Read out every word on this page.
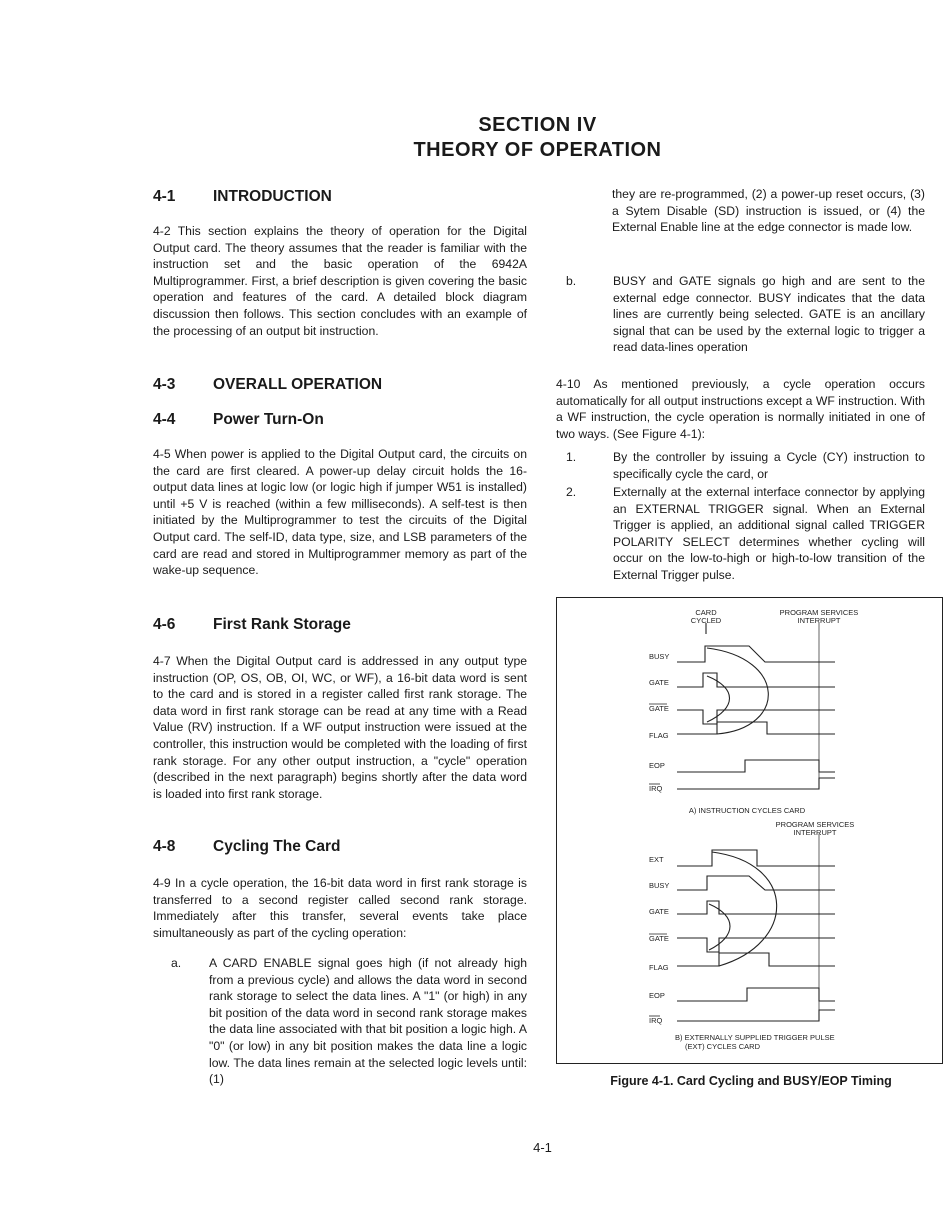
SECTION IV
THEORY OF OPERATION
4-1 INTRODUCTION

4-2 This section explains the theory of operation for the Digital Output card. The theory assumes that the reader is familiar with the instruction set and the basic operation of the 6942A Multiprogrammer. First, a brief description is given covering the basic operation and features of the card. A detailed block diagram discussion then follows. This section concludes with an example of the processing of an output bit instruction.

4-3 OVERALL OPERATION
4-4 Power Turn-On

4-5 When power is applied to the Digital Output card, the circuits on the card are first cleared. A power-up delay circuit holds the 16-output data lines at logic low (or logic high if jumper W51 is installed) until +5 V is reached (within a few milliseconds). A self-test is then initiated by the Multiprogrammer to test the circuits of the Digital Output card. The self-ID, data type, size, and LSB parameters of the card are read and stored in Multiprogrammer memory as part of the wake-up sequence.

4-6 First Rank Storage

4-7 When the Digital Output card is addressed in any output type instruction (OP, OS, OB, OI, WC, or WF), a 16-bit data word is sent to the card and is stored in a register called first rank storage. The data word in first rank storage can be read at any time with a Read Value (RV) instruction. If a WF output instruction were issued at the controller, this instruction would be completed with the loading of first rank storage. For any other output instruction, a "cycle" operation (described in the next paragraph) begins shortly after the data word is loaded into first rank storage.

4-8 Cycling The Card

4-9 In a cycle operation, the 16-bit data word in first rank storage is transferred to a second register called second rank storage. Immediately after this transfer, several events take place simultaneously as part of the cycling operation:

a. A CARD ENABLE signal goes high (if not already high from a previous cycle) and allows the data word in second rank storage to select the data lines. A "1" (or high) in any bit position of the data word in second rank storage makes the data line associated with that bit position a logic high. A "0" (or low) in any bit position makes the data line a logic low. The data lines remain at the selected logic levels until: (1)
they are re-programmed, (2) a power-up reset occurs, (3) a Sytem Disable (SD) instruction is issued, or (4) the External Enable line at the edge connector is made low.
b.	BUSY and GATE signals go high and are sent to the external edge connector. BUSY indicates that the data lines are currently being selected. GATE is an ancillary signal that can be used by the external logic to trigger a read data-lines operation

4-10 As mentioned previously, a cycle operation occurs automatically for all output instructions except a WF instruction. With a WF instruction, the cycle operation is normally initiated in one of two ways. (See Figure 4-1):

1.	By the controller by issuing a Cycle (CY) instruction to specifically cycle the card, or
2.	Externally at the external interface connector by applying an EXTERNAL TRIGGER signal. When an External Trigger is applied, an additional signal called TRIGGER POLARITY SELECT determines whether cycling will occur on the low-to-high or high-to-low transition of the External Trigger pulse.
CARD
CYCLED
PROGRAM SERVICES
INTERRUPT
BUSY
GATE
GATE
FLAG
EOP
IRQ
A) INSTRUCTION CYCLES CARD
PROGRAM SERVICES
INTERRUPT
EXT
BUSY
GATE
GATE
FLAG
EOP
IRQ
B) EXTERNALLY SUPPLIED TRIGGER PULSE
(EXT) CYCLES CARD
Figure 4-1. Card Cycling and BUSY/EOP Timing
4-1
